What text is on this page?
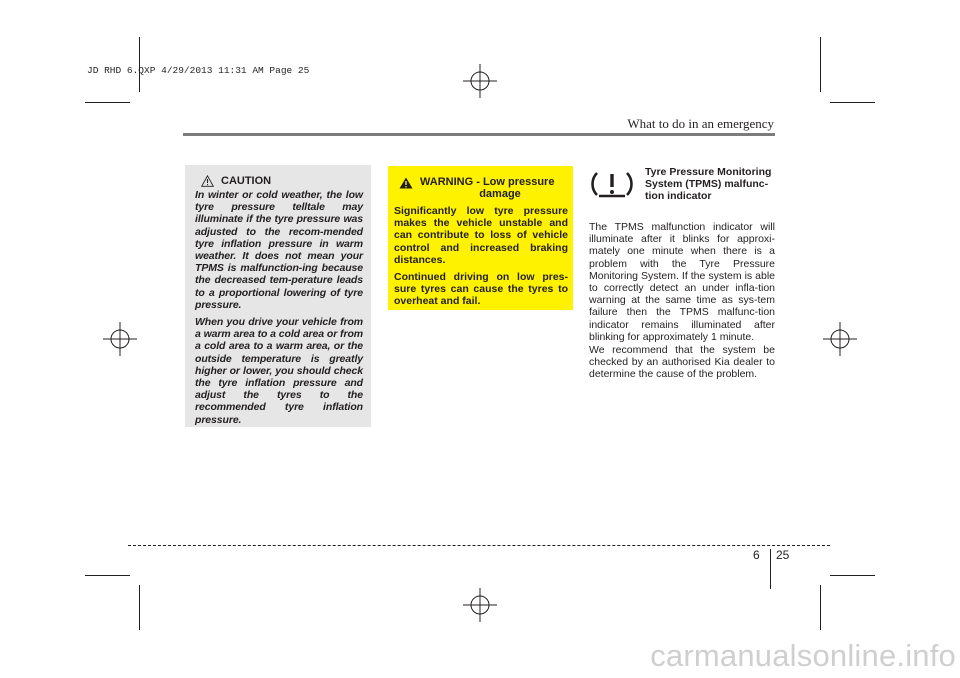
JD RHD 6.QXP 4/29/2013 11:31 AM Page 25
What to do in an emergency
CAUTION

In winter or cold weather, the low tyre pressure telltale may illuminate if the tyre pressure was adjusted to the recom-mended tyre inflation pressure in warm weather. It does not mean your TPMS is malfunction-ing because the decreased tem-perature leads to a proportional lowering of tyre pressure.

When you drive your vehicle from a warm area to a cold area or from a cold area to a warm area, or the outside temperature is greatly higher or lower, you should check the tyre inflation pressure and adjust the tyres to the recommended tyre inflation pressure.

WARNING - Low pressure
damage

Significantly low tyre pressure makes the vehicle unstable and can contribute to loss of vehicle control and increased braking distances.

Continued driving on low pres-sure tyres can cause the tyres to overheat and fail.

Tyre Pressure Monitoring System (TPMS) malfunc-tion indicator

The TPMS malfunction indicator will illuminate after it blinks for approxi-mately one minute when there is a problem with the Tyre Pressure Monitoring System. If the system is able to correctly detect an under infla-tion warning at the same time as sys-tem failure then the TPMS malfunc-tion indicator remains illuminated after blinking for approximately 1 minute.

We recommend that the system be checked by an authorised Kia dealer to determine the cause of the problem.

6 25
carmanualsonline.info
